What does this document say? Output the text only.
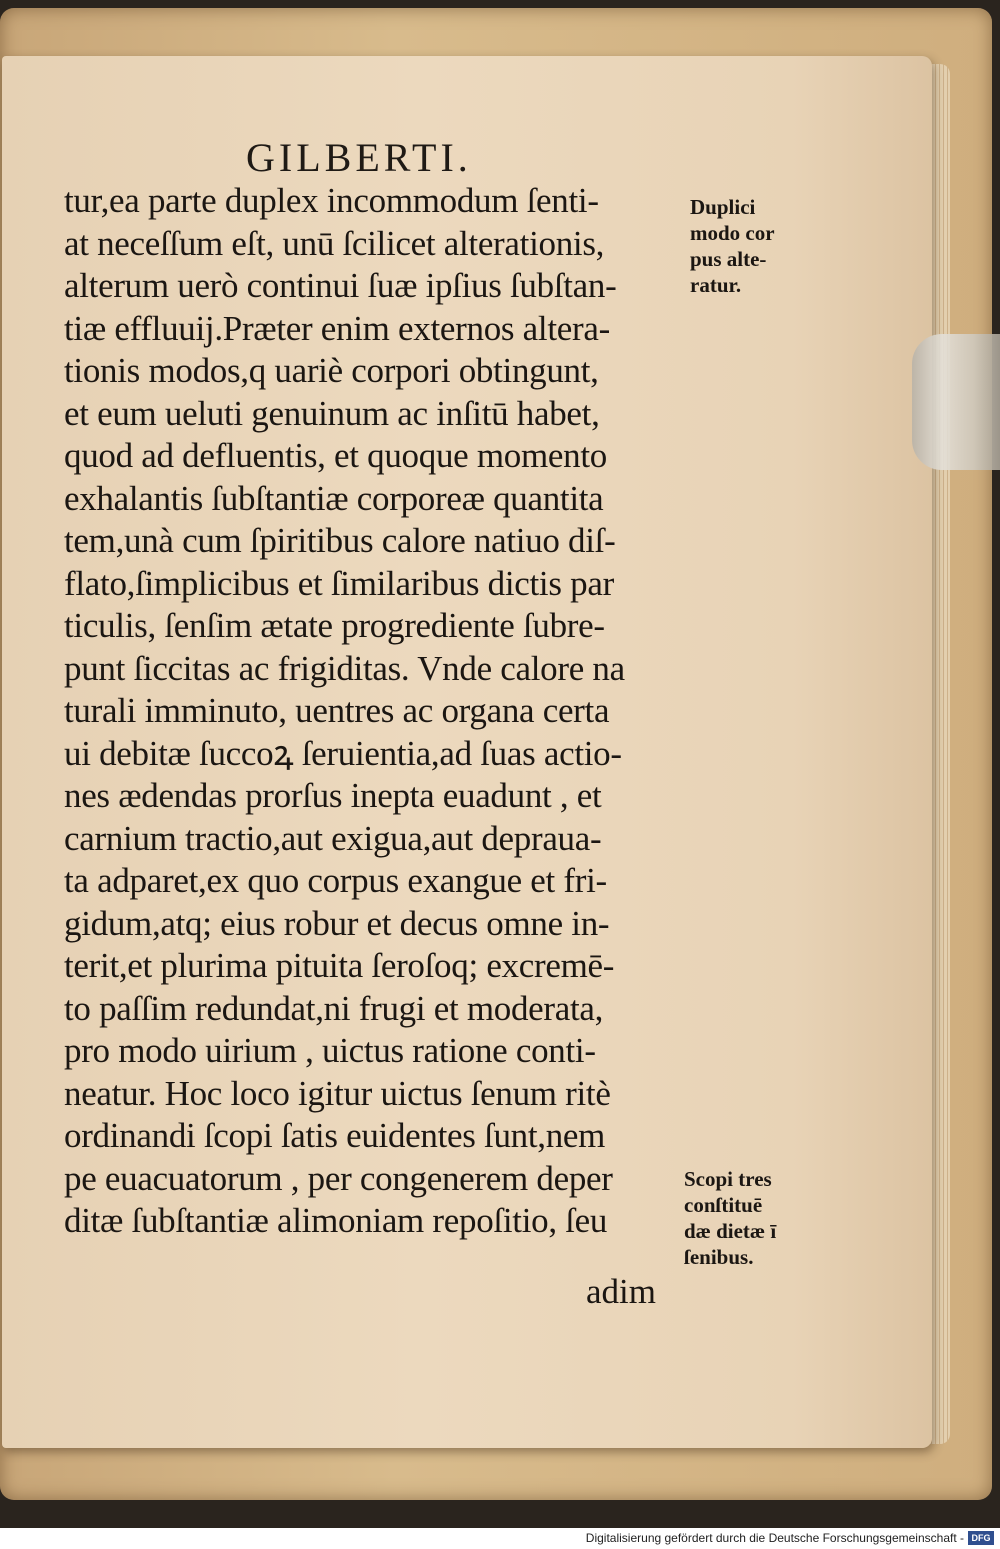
GILBERTI.
tur,ea parte duplex incommodum ſenti-
at neceſſum eſt, unū ſcilicet alterationis,
alterum uerò continui ſuæ ipſius ſubſtan-
tiæ effluuij.Præter enim externos altera-
tionis modos,q uariè corpori obtingunt,
et eum ueluti genuinum ac inſitū habet,
quod ad defluentis, et quoque momento
exhalantis ſubſtantiæ corporeæ quantita
tem,unà cum ſpiritibus calore natiuo diſ-
flato,ſimplicibus et ſimilaribus dictis par
ticulis, ſenſim ætate progrediente ſubre-
punt ſiccitas ac frigiditas. Vnde calore na
turali imminuto, uentres ac organa certa
ui debitæ ſuccoꝝ ſeruientia,ad ſuas actio-
nes ædendas prorſus inepta euadunt , et
carnium tractio,aut exigua,aut deprauа-
ta adparet,ex quo corpus exangue et fri-
gidum,atq; eius robur et decus omne in-
terit,et plurima pituita ſeroſoq; excremē-
to paſſim redundat,ni frugi et moderata,
pro modo uirium , uictus ratione conti-
neatur. Hoc loco igitur uictus ſenum ritè
ordinandi ſcopi ſatis euidentes ſunt,nem
pe euacuatorum , per congenerem deper
ditæ ſubſtantiæ alimoniam repoſitio, ſeu
adim
Duplici
modo cor
pus alte-
ratur.
Scopi tres
conſtituē
dæ dietæ ī
ſenibus.
Digitalisierung gefördert durch die Deutsche Forschungsgemeinschaft - DFG
